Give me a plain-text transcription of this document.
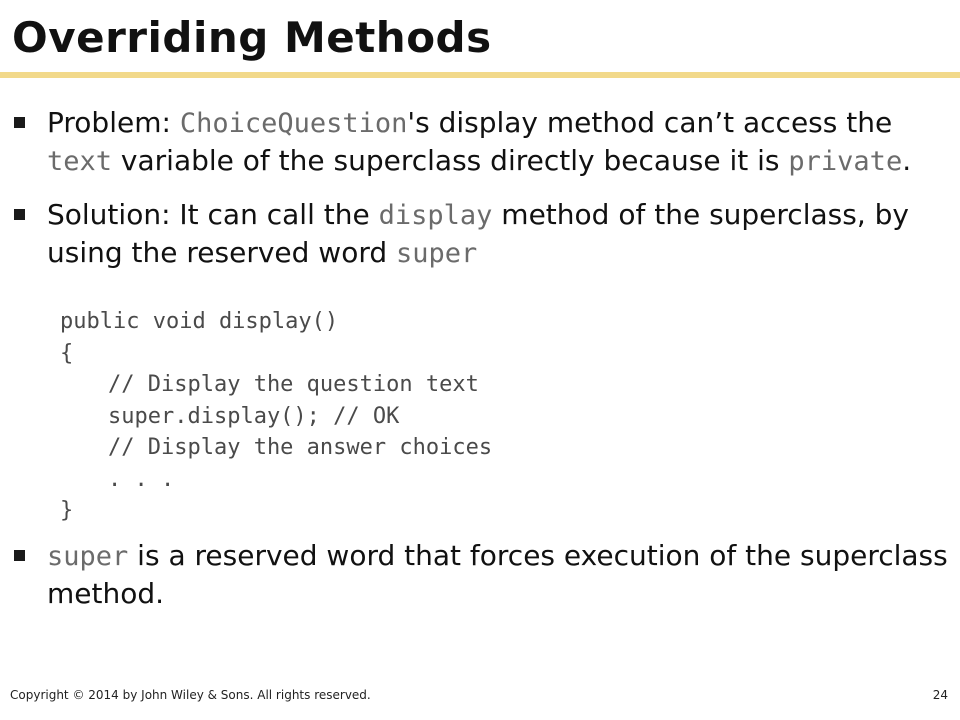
Overriding Methods
Problem: ChoiceQuestion's display method can’t access the text variable of the superclass directly because it is private.
Solution: It can call the display method of the superclass, by using the reserved word super
public void display()
{
// Display the question text
super.display(); // OK
// Display the answer choices
. . .
}
super is a reserved word that forces execution of the superclass method.
Copyright © 2014 by John Wiley & Sons. All rights reserved.	24
